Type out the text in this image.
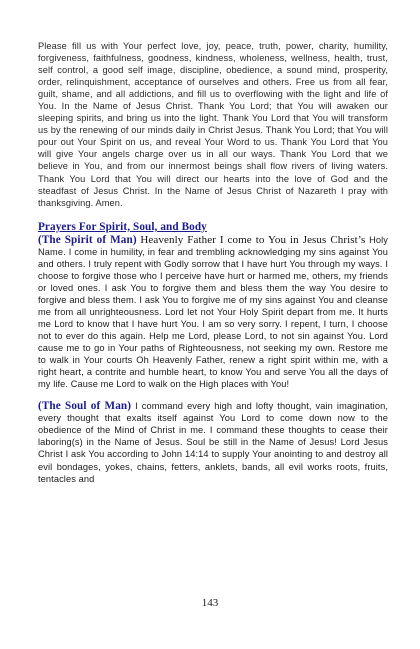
Please fill us with Your perfect love, joy, peace, truth, power, charity, humility, forgiveness, faithfulness, goodness, kindness, wholeness, wellness, health, trust, self control, a good self image, discipline, obedience, a sound mind, prosperity, order, relinquishment, acceptance of ourselves and others. Free us from all fear, guilt, shame, and all addictions, and fill us to overflowing with the light and life of You. In the Name of Jesus Christ. Thank You Lord; that You will awaken our sleeping spirits, and bring us into the light. Thank You Lord that You will transform us by the renewing of our minds daily in Christ Jesus. Thank You Lord; that You will pour out Your Spirit on us, and reveal Your Word to us. Thank You Lord that You will give Your angels charge over us in all our ways. Thank You Lord that we believe in You, and from our innermost beings shall flow rivers of living waters. Thank You Lord that You will direct our hearts into the love of God and the steadfast of Jesus Christ. In the Name of Jesus Christ of Nazareth I pray with thanksgiving. Amen.

Prayers For Spirit, Soul, and Body

(The Spirit of Man) Heavenly Father I come to You in Jesus Christ’s Holy Name. I come in humility, in fear and trembling acknowledging my sins against You and others. I truly repent with Godly sorrow that I have hurt You through my ways. I choose to forgive those who I perceive have hurt or harmed me, others, my friends or loved ones. I ask You to forgive them and bless them the way You desire to forgive and bless them. I ask You to forgive me of my sins against You and cleanse me from all unrighteousness. Lord let not Your Holy Spirit depart from me. It hurts me Lord to know that I have hurt You. I am so very sorry. I repent, I turn, I choose not to ever do this again. Help me Lord, please Lord, to not sin against You. Lord cause me to go in Your paths of Righteousness, not seeking my own. Restore me to walk in Your courts Oh Heavenly Father, renew a right spirit within me, with a right heart, a contrite and humble heart, to know You and serve You all the days of my life. Cause me Lord to walk on the High places with You!

(The Soul of Man) I command every high and lofty thought, vain imagination, every thought that exalts itself against You Lord to come down now to the obedience of the Mind of Christ in me. I command these thoughts to cease their laboring(s) in the Name of Jesus. Soul be still in the Name of Jesus! Lord Jesus Christ I ask You according to John 14:14 to supply Your anointing to and destroy all evil bondages, yokes, chains, fetters, anklets, bands, all evil works roots, fruits, tentacles and

143
